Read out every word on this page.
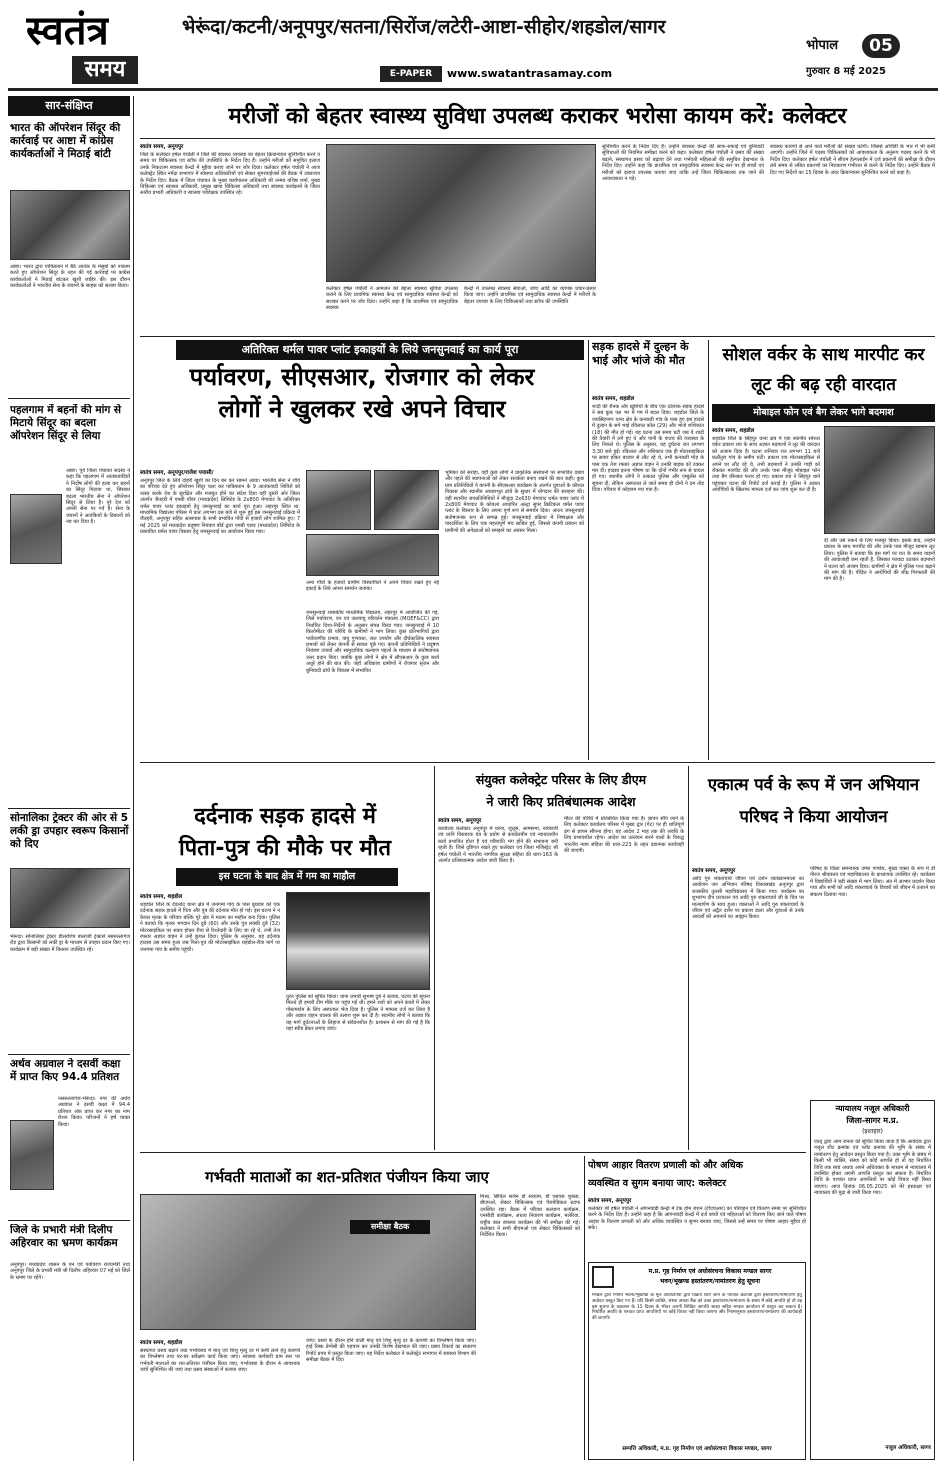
स्वतंत्र
समय
भेरूंदा/कटनी/अनूपपुर/सतना/सिरोंज/लटेरी-आष्टा-सीहोर/शहडोल/सागर
E-PAPER	www.swatantrasamay.com
भोपाल	05
गुरुवार 8 मई 2025
सार-संक्षिप्त
भारत की ऑपरेशन सिंदूर की कार्रवाई पर आष्टा में कांग्रेस कार्यकर्ताओं ने मिठाई बांटी
आष्टा। भारत द्वारा पाकिस्तान में बैठे आतंक के मंसूबों को नाकाम करते हुए ऑपरेशन सिंदूर के तहत की गई कार्रवाई पर कांग्रेस कार्यकर्ताओं ने मिठाई बांटकर खुशी जाहिर की। इस दौरान कार्यकर्ताओं ने भारतीय सेना के जवानों के साहस को सलाम किया।
पहलगाम में बहनों की मांग से मिटाये सिंदूर का बदला ऑपरेशन सिंदूर से लिया
आष्टा। पूर्व जिला पंचायत सदस्य ने कहा कि पहलगाम में आतंकवादियों ने निर्दोष लोगों की हत्या कर बहनों का सिंदूर मिटाया था, जिसका बदला भारतीय सेना ने ऑपरेशन सिंदूर से लिया है। पूरे देश को अपनी सेना पर गर्व है। सेना के जवानों ने आतंकियों के ठिकानों को नष्ट कर दिया है।
सोनालिका ट्रेक्टर की ओर से 5 लकी ड्रा उपहार स्वरूप किसानों को दिए
भेरूंदा। सोनालिका ट्रेक्टर डीलरशिप बालाजी ट्रेक्टर्स नसरुल्लागंज रोड द्वारा किसानों को लकी ड्रा के माध्यम से उपहार प्रदान किए गए। कार्यक्रम में बड़ी संख्या में किसान उपस्थित रहे।
अर्थव अग्रवाल ने दसवीं कक्षा में प्राप्त किए 94.4 प्रतिशत
नसरुल्लागंज-भेरूंदा। नगर की अर्थव अग्रवाल ने दसवीं कक्षा में 94.4 प्रतिशत अंक प्राप्त कर नगर का नाम रोशन किया। परिजनों ने हर्ष व्यक्त किया।
जिले के प्रभारी मंत्री दिलीप अहिरवार का भ्रमण कार्यक्रम
अनूपपुर। मध्यप्रदेश शासन के वन एवं पर्यावरण राज्यमंत्री तथा अनूपपुर जिले के प्रभारी मंत्री श्री दिलीप अहिरवार 07 मई को जिले के भ्रमण पर रहेंगे।
मरीजों को बेहतर स्वास्थ्य सुविधा उपलब्ध कराकर भरोसा कायम करें: कलेक्टर
स्वतंत्र समय, अनूपपुर
जिले के कलेक्टर हर्षल पंचोली ने जिले की स्वास्थ्य व्यवस्था का बेहतर क्रियान्वयन सुनिश्चित करने व समय पर चिकित्सक एवं स्टॉफ की उपस्थिति के निर्देश दिए हैं। उन्होंने मरीजों को समुचित इलाज उनके निकटतम स्वास्थ्य केन्द्रों में मुहैया कराए जाने पर जोर दिया। कलेक्टर हर्षल पंचोली ने आज कलेक्ट्रेट स्थित नर्मदा सभागार में स्वास्थ्य अधिकारियों एवं सेक्टर सुपरवाईजर्स की बैठक में उक्ताशय के निर्देश दिए। बैठक में जिला पंचायत के मुख्य कार्यपालन अधिकारी श्री तन्मय वशिष्ठ शर्मा, मुख्य चिकित्सा एवं स्वास्थ्य अधिकारी, प्रमुख खण्ड चिकित्सा अधिकारी तथा स्वास्थ्य कार्यक्रमों के जिला स्तरीय प्रभारी अधिकारी व स्वास्थ्य पर्यवेक्षक उपस्थित रहे।
कलेक्टर हर्षल पंचोली ने आमजन को बेहतर स्वास्थ्य सुविधा उपलब्ध कराने के लिए प्राथमिक स्वास्थ्य केन्द्र एवं सामुदायिक स्वास्थ्य केन्द्रों को सशक्त करने पर जोर दिया। उन्होंने कहा है कि प्राथमिक एवं सामुदायिक स्वास्थ्य
केन्द्रों में उपलब्ध स्वास्थ्य सेवाओं, जांच आदि का व्यापक प्रचार-प्रसार किया जाए। उन्होंने प्राथमिक एवं सामुदायिक स्वास्थ्य केन्द्रों में मरीजों के बेहतर उपचार के लिए चिकित्सकों तथा स्टॉफ की उपस्थिति
सुनिश्चित करने के निर्देश दिए हैं। उन्होंने स्वास्थ्य केन्द्रों की साफ-सफाई एवं बुनियादी सुविधाओं की नियमित समीक्षा करने को कहा। कलेक्टर हर्षल पंचोली ने प्रसव की संख्या बढ़ाने, संस्थागत प्रसव को बढ़ावा देने तथा गर्भवती महिलाओं की समुचित देखभाल के निर्देश दिए। उन्होंने कहा कि प्राथमिक एवं सामुदायिक स्वास्थ्य केन्द्र स्तर पर ही बच्चों एवं मरीजों को इलाज उपलब्ध कराया जाए ताकि उन्हें जिला चिकित्सालय तक जाने की आवश्यकता न पड़े।
स्वास्थ्य कारणों से आने वाले मरीजों की संख्या घटेगी। जिससे ओपीडी के भार में भी कमी आएगी। उन्होंने जिले में पदस्थ चिकित्सकों को आवश्यकता के अनुरूप पदस्थ करने के भी निर्देश दिए। कलेक्टर हर्षल पंचोली ने सीएम हेल्पलाईन में दर्ज प्रकरणों की समीक्षा के दौरान लंबे समय से लंबित प्रकरणों का निराकरण गंभीरता से करने के निर्देश दिए। उन्होंने बैठक में दिए गए निर्देशों का 15 दिवस के अंदर क्रियान्वयन सुनिश्चित करने को कहा है।
अतिरिक्त थर्मल पावर प्लांट इकाइयों के लिये जनसुनवाई का कार्य पूरा
पर्यावरण, सीएसआर, रोजगार को लेकर
लोगों ने खुलकर रखे अपने विचार
स्वतंत्र समय, अनूपपुर/राजेश पयासी/
अनूपपुर जिले के लिये दोहरी खुशी का दिन बन कर सामने आया। भारतीय सेना ने शौर्य का परिचय देते हुए ऑपरेशन सिंदूर चला कर पाकिस्तान के 9 आतंकवादी शिविरों को ध्वस्त करके देश के सुरक्षित और मजबूत होने का संदेश दिया वहीं दूसरी ओर जिला अंतर्गत जैतहरी में एमबी पॉवर (मध्यप्रदेश) लिमिटेड के 2x800 मेगावाट के अतिरिक्त थर्मल पावर प्लांट इकाइयों हेतु जनसुनवाई का कार्य पूरा हुआ। लहरपुर स्थित शा. माध्यमिक विद्यालय परिसर में प्रातः लगभग दस बजे से शुरू हुई इस जनसुनवाई प्रक्रिया में जैतहरी, अनूपपुर सहित आसपास के सभी प्रभावित गाँवों से हजारों लोग शामिल हुए। 7 मई 2025 को मध्यप्रदेश प्रदूषण नियंत्रण बोर्ड द्वारा एमबी पावर (मध्यप्रदेश) लिमिटेड के प्रस्तावित थर्मल पावर विस्तार हेतु जनसुनवाई का आयोजन किया गया।
अन्य गाँवों के हजारों ग्रामीण विस्थापितों ने अपने विचार रखते हुए नई इकाई के लिये अपना समर्थन जताया।
जनसुनवाई शासकीय माध्यमिक विद्यालय, लहरपुर में आयोजित की गई, जिसे पर्यावरण, वन एवं जलवायु परिवर्तन मंत्रालय (MOEF&CC) द्वारा निर्धारित दिशा-निर्देशों के अनुसार संपन्न किया गया। जनसुनवाई में 10 किलोमीटर की परिधि के ग्रामीणों ने भाग लिया। कुछ प्रतिभागियों द्वारा पर्यावरणीय प्रभाव, वायु गुणवत्ता, जल उपयोग और दीर्घकालिक स्वास्थ्य प्रभावों को लेकर कंपनी से सवाल पूछे गए। कंपनी प्रतिनिधियों ने प्रदूषण नियंत्रण उपायों और सामुदायिक कल्याण पहलों के माध्यम से संतोषजनक उत्तर प्रदान किए। जबकि कुछ लोगों ने क्षेत्र में सीएसआर के कुछ कार्य अधूरे होने की बात की। जहाँ अधिकांश ग्रामीणों ने रोजगार सृजन और बुनियादी ढांचे के विकास में संभावित
भूमिका को सराहा, वहीं कुछ लोगों ने प्राकृतिक संसाधनों पर संभावित दबाव और पहले की स्थापनाओं को लेकर सतर्कता बनाए रखने की बात कही। कुछ ग्राम प्रतिनिधियों ने कंपनी के सीएसआर कार्यक्रम के अंतर्गत युवाओं के कौशल विकास और स्थानीय आधारभूत ढांचे के सुधार में योगदान की सराहना की। वहीं स्थानीय जनप्रतिनिधियों ने मौजूदा 2x630 मेगावाट थर्मल पावर प्लांट में 2x800 मेगावाट के कोयला आधारित अल्ट्रा सुपर क्रिटिकल थर्मल पावर प्लांट के विस्तार के लिए अपना पूर्ण रूप से समर्थन दिया। अंततः जनसुनवाई संतोषजनक रूप से सम्पन्न हुई। जनसुनवाई प्रक्रिया में निष्पक्षता और पारदर्शिता के लिए एक महत्वपूर्ण मंच साबित हुई, जिससे कंपनी प्रबंधन को ग्रामीणों की अपेक्षाओं को समझने का अवसर मिला।
सड़क हादसे में दुल्हन के भाई और भांजे की मौत
स्वतंत्र समय, शहडोल
शादी की रौनक और खुशियों के बीच एक दर्दनाक सड़क हादसे ने सब कुछ पल भर में गम में बदल दिया। शहडोल जिले के जयसिंहनगर थाना क्षेत्र के कनकडी गांव के पास हुए इस हादसे में दुल्हन के सगे भाई रविलाल कोल (29) और भांजे शशिकांत (18) की मौत हो गई। यह घटना उस समय घटी जब वे शादी की तैयारी में लगे हुए थे और पानी के पाउच की व्यवस्था के लिए निकले थे। पुलिस के अनुसार, यह दुर्घटना रात लगभग 3:30 बजे हुई। रविलाल और शशिकांत एक ही मोटरसाइकिल पर सवार होकर बाजार से लौट रहे थे, तभी कनकडी मोड़ के पास एक तेज रफ्तार अज्ञात वाहन ने उनकी बाइक को टक्कर मार दी। हादसा इतना भीषण था कि दोनों गंभीर रूप से घायल हो गए। स्थानीय लोगों ने तत्काल पुलिस और एम्बुलेंस को सूचना दी, लेकिन अस्पताल ले जाते समय ही दोनों ने दम तोड़ दिया। परिवार में कोहराम मच गया है।
सोशल वर्कर के साथ मारपीट कर लूट की बढ़ रही वारदात
मोबाइल फोन एवं बैग लेकर भागे बदमाश
स्वतंत्र समय, शहडोल
शहडोल जिले के सिंहपुर थाना क्षेत्र में एक स्थानीय सोशल वर्कर प्रकाश राय के साथ अज्ञात बदमाशों ने लूट की वारदात को अंजाम दिया है। घटना शनिवार रात लगभग 11 बजे कठौतुरा गांव के समीप घटी। प्रकाश राय मोटरसाइकिल से अपने घर लौट रहे थे, तभी बदमाशों ने उनकी गाड़ी को रोककर मारपीट की और उनके पास मौजूद मोबाइल फोन तथा बैग छीनकर फरार हो गए। प्रकाश राय ने सिंहपुर थाने पहुंचकर घटना की रिपोर्ट दर्ज कराई है। पुलिस ने अज्ञात आरोपियों के खिलाफ मामला दर्ज कर जांच शुरू कर दी है।
दी और उसे रुकने के लिए मजबूर किया। इसके बाद, उन्होंने प्रकाश के साथ मारपीट की और उनके पास मौजूद सामान लूट लिया। पुलिस ने बताया कि इस मार्ग पर रात के समय वाहनों की आवाजाही कम रहती है, जिसका फायदा उठाकर बदमाशों ने घटना को अंजाम दिया। ग्रामीणों ने क्षेत्र में पुलिस गश्त बढ़ाने की मांग की है। पीड़ित ने आरोपियों की शीघ्र गिरफ्तारी की मांग की है।
दर्दनाक सड़क हादसे में
पिता-पुत्र की मौके पर मौत
इस घटना के बाद क्षेत्र में गम का माहौल
स्वतंत्र समय, शहडोल
शहडोल जिले के देवलोंद थाना क्षेत्र में जनगमा गांव के पास बुधवार को एक दर्दनाक सड़क हादसे में पिता और पुत्र की दर्दनाक मौत हो गई। इस घटना ने न केवल मृतक के परिवार बल्कि पूरे क्षेत्र में मातम का माहौल बना दिया। पुलिस ने बताया कि मृतक भगवान दिन दुबे (60) और उनके पुत्र लक्की दुबे (32) मोटरसाइकिल पर सवार होकर रीवा से रिश्तेदारी के लिए जा रहे थे, तभी तेज रफ्तार अज्ञात वाहन ने उन्हें कुचल दिया। पुलिस के अनुसार, यह दर्दनाक हादसा उस समय हुआ जब पिता-पुत्र की मोटरसाइकिल शहडोल-रीवा मार्ग पर जनगमा गांव के समीप पहुंची।
तुरंत पुलिस को सूचित किया। थाना प्रभारी सुभाष दुबे ने बताया, घटना की सूचना मिलते ही हमारी टीम मौके पर पहुंच गई थी। हमने शवों को अपने कब्जे में लेकर पोस्टमार्टम के लिए अस्पताल भेज दिया है। पुलिस ने मामला दर्ज कर लिया है और अज्ञात वाहन चालक की तलाश शुरू कर दी है। स्थानीय लोगों ने बताया कि यह मार्ग दुर्घटनाओं के लिहाज से संवेदनशील है। प्रशासन से मांग की गई है कि यहां स्पीड ब्रेकर लगाए जाएं।
संयुक्त कलेक्ट्रेट परिसर के लिए डीएम
ने जारी किए प्रतिबंधात्मक आदेश
स्वतंत्र समय, अनूपपुर
कार्यालय कलेक्टर अनूपपुर में धरना, जुलूस, आमसभा, नारेबाजी एवं ध्वनि विस्तारक यंत्र के प्रयोग से कार्यालयीन एवं न्यायालयीन कार्य प्रभावित होता है एवं परिशांति भंग होने की संभावना बनी रहती है। जिसे दृष्टिगत रखते हुए कलेक्टर एवं जिला मजिस्ट्रेट श्री हर्षल पंचोली ने भारतीय नागरिक सुरक्षा संहिता की धारा-163 के अंतर्गत प्रतिबंधात्मक आदेश जारी किया है।
मीटर की परिधि में प्रतिबंधित किया गया है। ज्ञापन सौंपे जाने के लिए कलेक्टर कार्यालय परिसर में मुख्य द्वार (गेट) पर ही शांतिपूर्ण ढंग से ज्ञापन सौंपना होगा। यह आदेश 2 माह तक की अवधि के लिए प्रभावशील रहेगा। आदेश का उल्लंघन करने वालों के विरुद्ध भारतीय न्याय संहिता की धारा-223 के तहत दंडात्मक कार्यवाही की जाएगी।
एकात्म पर्व के रूप में जन अभियान
परिषद ने किया आयोजन
स्वतंत्र समय, अनूपपुर
आदि गुरु शंकराचार्य जीवन एवं दर्शन व्याख्यानमाला का आयोजन जन अभियान परिषद विकासखंड अनूपपुर द्वारा शासकीय तुलसी महाविद्यालय में किया गया। कार्यक्रम का शुभारंभ दीप प्रज्वलन एवं आदि गुरु शंकराचार्य जी के चित्र पर माल्यार्पण के साथ हुआ। वक्ताओं ने आदि गुरु शंकराचार्य के जीवन एवं अद्वैत दर्शन पर प्रकाश डाला और युवाओं से उनके आदर्शों को अपनाने का आह्वान किया।
परिषद के जिला समन्वयक उमेश पाण्डेय, मुख्य वक्ता के रूप में डॉ नीरज श्रीवास्तव एवं महाविद्यालय के प्राध्यापक उपस्थित रहे। कार्यक्रम में विद्यार्थियों ने बड़ी संख्या में भाग लिया। अंत में आभार प्रदर्शन किया गया और सभी को आदि शंकराचार्य के विचारों को जीवन में उतारने का संकल्प दिलाया गया।
न्यायालय नजूल अधिकारी
जिला-सागर म.प्र.
(इश्तहार)
एतद् द्वारा आम जनता को सूचित किया जाता है कि आवेदक द्वारा नजूल शीट क्रमांक एवं प्लॉट क्रमांक की भूमि के संबंध में नामांतरण हेतु आवेदन प्रस्तुत किया गया है। उक्त भूमि के संबंध में किसी भी व्यक्ति, संस्था को कोई आपत्ति हो तो वह निर्धारित तिथि तक स्वयं अथवा अपने अधिवक्ता के माध्यम से न्यायालय में उपस्थित होकर अपनी आपत्ति प्रस्तुत कर सकता है। निर्धारित तिथि के पश्चात प्राप्त आपत्तियों पर कोई विचार नहीं किया जाएगा। आज दिनांक 06.05.2025 को मेरे हस्ताक्षर एवं न्यायालय की मुद्रा से जारी किया गया।
नजूल अधिकारी, सागर
गर्भवती माताओं का शत-प्रतिशत पंजीयन किया जाए
समीक्षा बैठक
स्वतंत्र समय, शहडोल
संस्थागत प्रसव बढ़ाने तथा गर्भावस्था में मातृ एवं शिशु मृत्यु दर में कमी लाने हेतु कारणों का विश्लेषण तथा घर-घर सर्वेक्षण कार्य किया जाए। स्वास्थ्य कर्मचारी ग्राम स्तर पर गर्भवती माताओं का शत-प्रतिशत पंजीयन किया जाए, गर्भावस्था के दौरान 4 आवश्यक जांचें सुनिश्चित की जाएं तथा प्रसव संस्थाओं में कराया जाए।
जाए। प्रसव के दौरान होने वाली मातृ एवं शिशु मृत्यु दर के कारणों का विश्लेषण किया जाए। हाई रिस्क प्रेग्नेंसी की पहचान कर उनकी विशेष देखभाल की जाए। प्रसव रिकार्ड का संधारण रिपोर्ट प्रपत्र में प्रस्तुत किया जाए। यह निर्देश कलेक्टर ने कलेक्ट्रेट सभागार में स्वास्थ्य विभाग की समीक्षा बैठक में दिए।
मिश्रा, सिविल सर्जन डॉ सरयाम, डॉ एसएस शुक्ला, बीएमओ, सेक्टर चिकित्सक एवं पैरामेडिकल स्टाफ उपस्थित रहा। बैठक में परिवार कल्याण कार्यक्रम, एनसीडी कार्यक्रम, अंधत्व निवारण कार्यक्रम, मलेरिया, राष्ट्रीय बाल स्वास्थ्य कार्यक्रम की भी समीक्षा की गई। कलेक्टर ने सभी बीएमओ एवं सेक्टर चिकित्सकों को निर्देशित किया।
पोषण आहार वितरण प्रणाली को और अधिक
व्यवस्थित व सुगम बनाया जाए: कलेक्टर
स्वतंत्र समय, अनूपपुर
कलेक्टर श्री हर्षल पंचोली ने आंगनवाड़ी केन्द्रों में टेक होम राशन (टीएचआर) का परिवहन एवं वितरण समय पर सुनिश्चित करने के निर्देश दिए हैं। उन्होंने कहा है कि आंगनवाड़ी केन्द्रों में दर्ज बच्चों एवं महिलाओं को वितरण किए जाने वाले पोषण आहार के वितरण प्रणाली को और अधिक व्यवस्थित व सुगम बनाया जाए, जिससे उन्हें समय पर पोषण आहार मुहैया हो सके।
म.प्र. गृह निर्माण एवं अधोसंरचना विकास मण्डल सागर
भवन/भूखण्ड हस्तांतरण/नामांतरण हेतु सूचना
मण्डल द्वारा निर्मित भवनों/भूखण्डों के मूल आवंटितियों द्वारा विक्रय किए जाने के पश्चात क्रेताओं द्वारा हस्तांतरण/नामांतरण हेतु आवेदन प्रस्तुत किए गए हैं। यदि किसी व्यक्ति, संस्था अथवा बैंक को उक्त हस्तांतरण/नामांतरण के संबंध में कोई आपत्ति हो तो वह इस सूचना के प्रकाशन के 15 दिवस के भीतर अपनी लिखित आपत्ति साक्ष्य सहित मण्डल कार्यालय में प्रस्तुत कर सकता है। निर्धारित अवधि के पश्चात प्राप्त आपत्तियों पर कोई विचार नहीं किया जाएगा और नियमानुसार हस्तांतरण/नामांतरण की कार्यवाही की जाएगी।
सम्पत्ति अधिकारी, म.प्र. गृह निर्माण एवं अधोसंरचना विकास मण्डल, सागर
